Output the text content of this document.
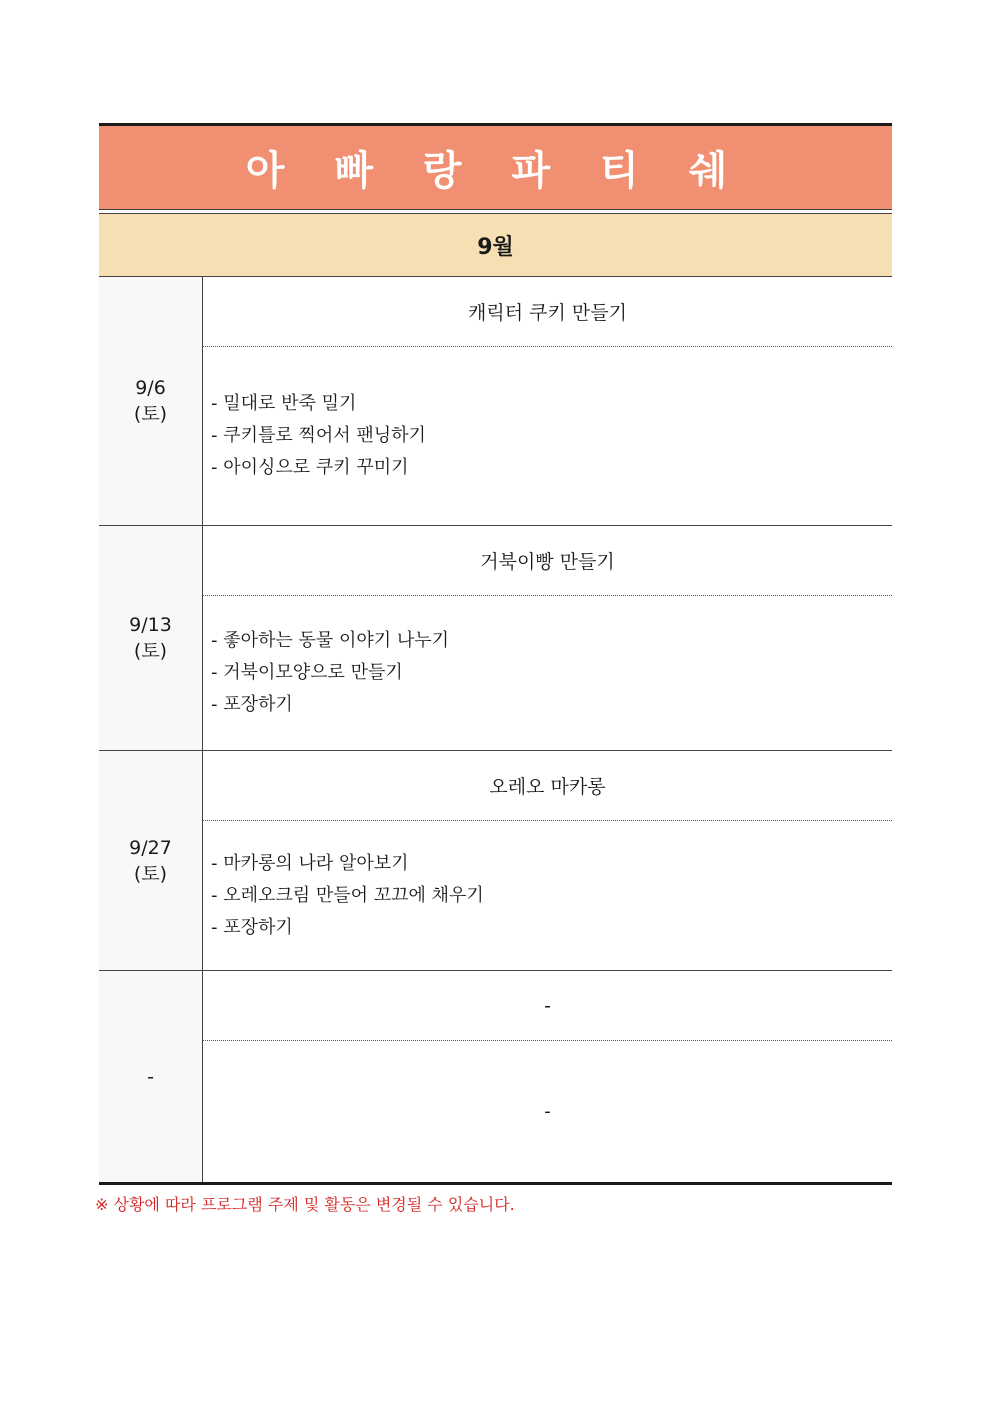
아 빠 랑 파 티 쉐
9월
9/6
(토)
캐릭터 쿠키 만들기
- 밀대로 반죽 밀기
- 쿠키틀로 찍어서 팬닝하기
- 아이싱으로 쿠키 꾸미기
9/13
(토)
거북이빵 만들기
- 좋아하는 동물 이야기 나누기
- 거북이모양으로 만들기
- 포장하기
9/27
(토)
오레오 마카롱
- 마카롱의 나라 알아보기
- 오레오크림 만들어 꼬끄에 채우기
- 포장하기
-
-
-
※ 상황에 따라 프로그램 주제 및 활동은 변경될 수 있습니다.
